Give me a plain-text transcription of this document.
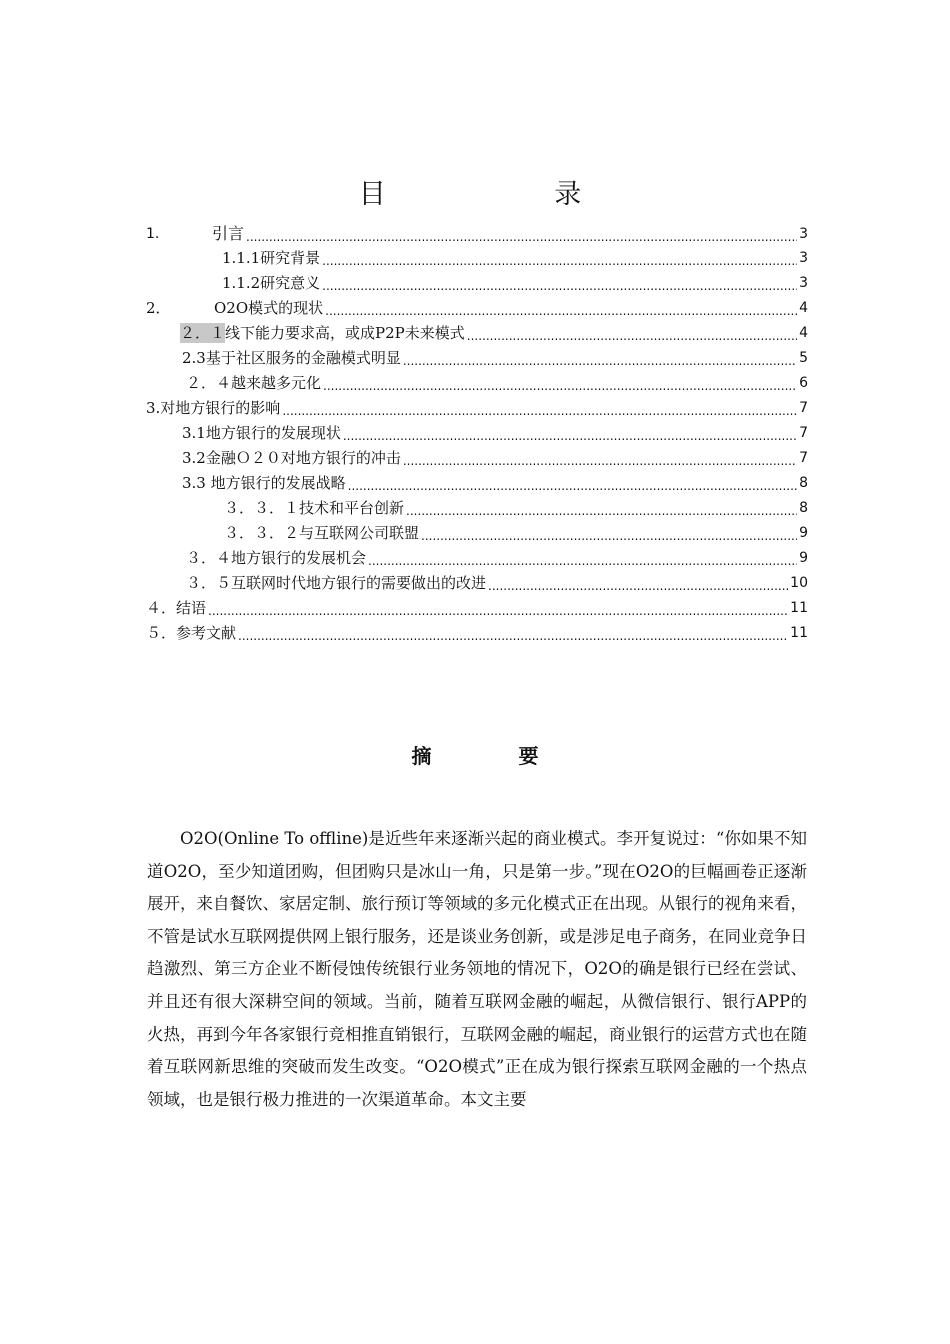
目 录
1.	引言 .....	3
1.1.1研究背景 .....	3
1.1.2研究意义 .....	3
2．	O2O模式的现状 .....	4
２．１ 线下能力要求高，或成P2P未来模式 .....	4
2.3基于社区服务的金融模式明显 .....	5
２．４越来越多元化 .....	6
3.对地方银行的影响 .....	7
3.1地方银行的发展现状 .....	7
3.2金融Ｏ２０对地方银行的冲击 .....	7
3.3 地方银行的发展战略 .....	8
３．３．１技术和平台创新 .....	8
３．３．２与互联网公司联盟 .....	9
３．４地方银行的发展机会 .....	9
３．５互联网时代地方银行的需要做出的改进 .....	10
４．结语 .....	11
５．参考文献 .....	11
摘 要

O2O(Online To offline)是近些年来逐渐兴起的商业模式。李开复说过：“你如果不知道O2O，至少知道团购，但团购只是冰山一角，只是第一步。”现在O2O的巨幅画卷正逐渐展开，来自餐饮、家居定制、旅行预订等领域的多元化模式正在出现。从银行的视角来看，不管是试水互联网提供网上银行服务，还是谈业务创新，或是涉足电子商务，在同业竞争日趋激烈、第三方企业不断侵蚀传统银行业务领地的情况下，O2O的确是银行已经在尝试、并且还有很大深耕空间的领域。当前，随着互联网金融的崛起，从微信银行、银行APP的火热，再到今年各家银行竞相推直销银行，互联网金融的崛起，商业银行的运营方式也在随着互联网新思维的突破而发生改变。“O2O模式”正在成为银行探索互联网金融的一个热点领域，也是银行极力推进的一次渠道革命。本文主要
